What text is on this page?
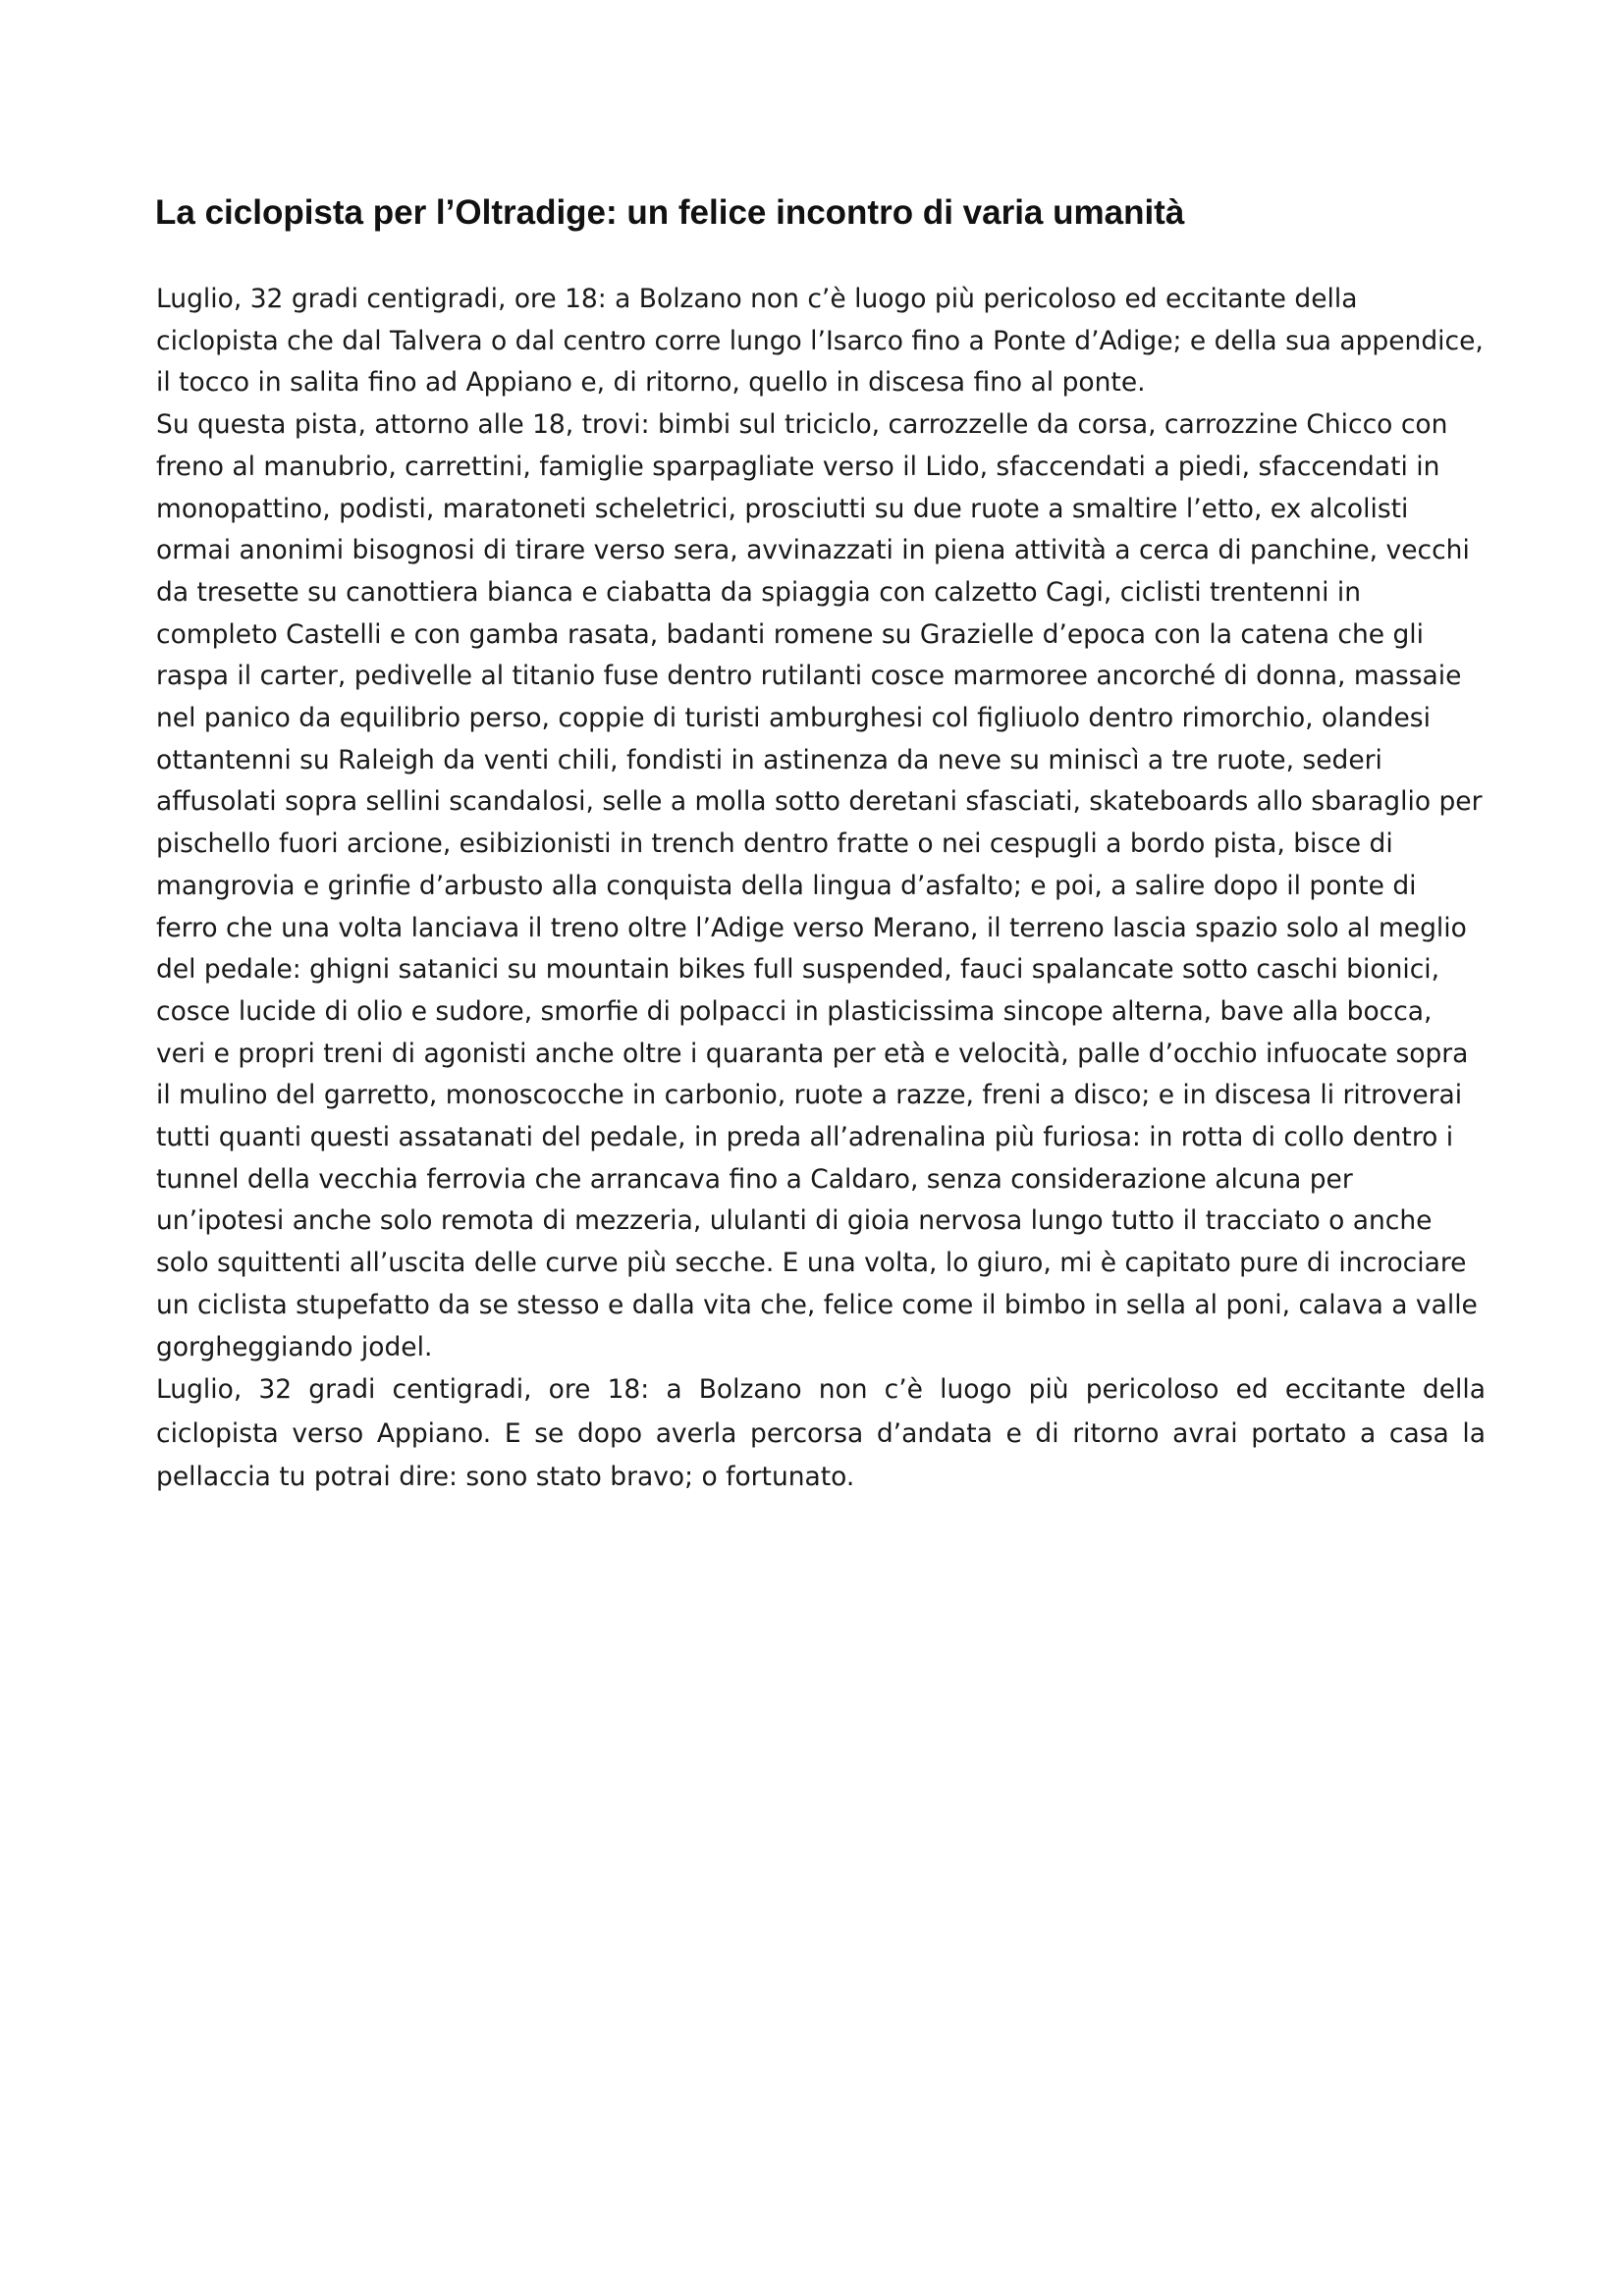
La ciclopista per l’Oltradige: un felice incontro di varia umanità

Luglio, 32 gradi centigradi, ore 18: a Bolzano non c’è luogo più pericoloso ed eccitante della ciclopista che dal Talvera o dal centro corre lungo l’Isarco fino a Ponte d’Adige; e della sua appendice, il tocco in salita fino ad Appiano e, di ritorno, quello in discesa fino al ponte.

Su questa pista, attorno alle 18, trovi: bimbi sul triciclo, carrozzelle da corsa, carrozzine Chicco con freno al manubrio, carrettini, famiglie sparpagliate verso il Lido, sfaccendati a piedi, sfaccendati in monopattino, podisti, maratoneti scheletrici, prosciutti su due ruote a smaltire l’etto, ex alcolisti ormai anonimi bisognosi di tirare verso sera, avvinazzati in piena attività a cerca di panchine, vecchi da tresette su canottiera bianca e ciabatta da spiaggia con calzetto Cagi, ciclisti trentenni in completo Castelli e con gamba rasata, badanti romene su Grazielle d’epoca con la catena che gli raspa il carter, pedivelle al titanio fuse dentro rutilanti cosce marmoree ancorché di donna, massaie nel panico da equilibrio perso, coppie di turisti amburghesi col figliuolo dentro rimorchio, olandesi ottantenni su Raleigh da venti chili, fondisti in astinenza da neve su miniscì a tre ruote, sederi affusolati sopra sellini scandalosi, selle a molla sotto deretani sfasciati, skateboards allo sbaraglio per pischello fuori arcione, esibizionisti in trench dentro fratte o nei cespugli a bordo pista, bisce di mangrovia e grinfie d’arbusto alla conquista della lingua d’asfalto; e poi, a salire dopo il ponte di ferro che una volta lanciava il treno oltre l’Adige verso Merano, il terreno lascia spazio solo al meglio del pedale: ghigni satanici su mountain bikes full suspended, fauci spalancate sotto caschi bionici, cosce lucide di olio e sudore, smorfie di polpacci in plasticissima sincope alterna, bave alla bocca, veri e propri treni di agonisti anche oltre i quaranta per età e velocità, palle d’occhio infuocate sopra il mulino del garretto, monoscocche in carbonio, ruote a razze, freni a disco; e in discesa li ritroverai tutti quanti questi assatanati del pedale, in preda all’adrenalina più furiosa: in rotta di collo dentro i tunnel della vecchia ferrovia che arrancava fino a Caldaro, senza considerazione alcuna per un’ipotesi anche solo remota di mezzeria, ululanti di gioia nervosa lungo tutto il tracciato o anche solo squittenti all’uscita delle curve più secche. E una volta, lo giuro, mi è capitato pure di incrociare un ciclista stupefatto da se stesso e dalla vita che, felice come il bimbo in sella al poni, calava a valle gorgheggiando jodel.

Luglio, 32 gradi centigradi, ore 18: a Bolzano non c’è luogo più pericoloso ed eccitante della ciclopista verso Appiano. E se dopo averla percorsa d’andata e di ritorno avrai portato a casa la pellaccia tu potrai dire: sono stato bravo; o fortunato.
